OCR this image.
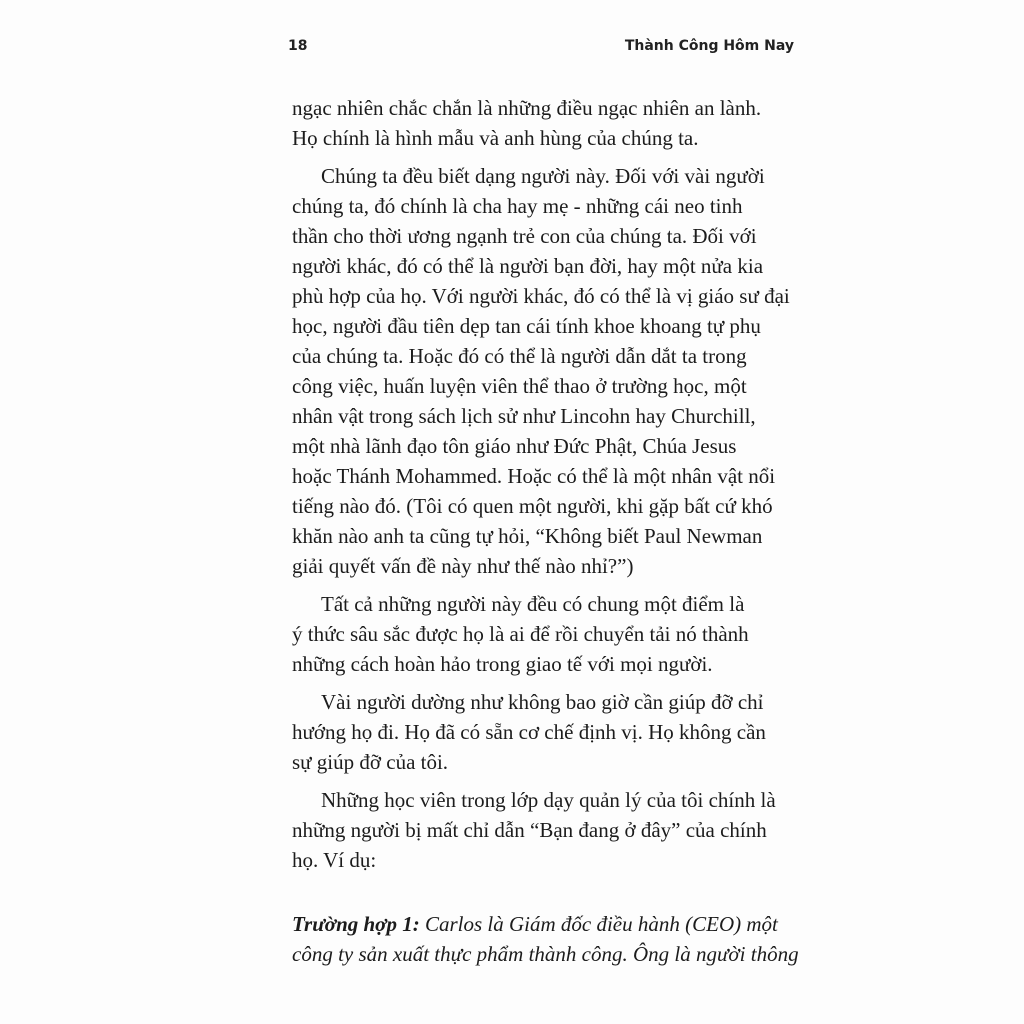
18	Thành Công Hôm Nay
ngạc nhiên chắc chắn là những điều ngạc nhiên an lành.
Họ chính là hình mẫu và anh hùng của chúng ta.
Chúng ta đều biết dạng người này. Đối với vài người
chúng ta, đó chính là cha hay mẹ - những cái neo tinh
thần cho thời ương ngạnh trẻ con của chúng ta. Đối với
người khác, đó có thể là người bạn đời, hay một nửa kia
phù hợp của họ. Với người khác, đó có thể là vị giáo sư đại
học, người đầu tiên dẹp tan cái tính khoe khoang tự phụ
của chúng ta. Hoặc đó có thể là người dẫn dắt ta trong
công việc, huấn luyện viên thể thao ở trường học, một
nhân vật trong sách lịch sử như Lincohn hay Churchill,
một nhà lãnh đạo tôn giáo như Đức Phật, Chúa Jesus
hoặc Thánh Mohammed. Hoặc có thể là một nhân vật nổi
tiếng nào đó. (Tôi có quen một người, khi gặp bất cứ khó
khăn nào anh ta cũng tự hỏi, “Không biết Paul Newman
giải quyết vấn đề này như thế nào nhỉ?”)
Tất cả những người này đều có chung một điểm là
ý thức sâu sắc được họ là ai để rồi chuyển tải nó thành
những cách hoàn hảo trong giao tế với mọi người.
Vài người dường như không bao giờ cần giúp đỡ chỉ
hướng họ đi. Họ đã có sẵn cơ chế định vị. Họ không cần
sự giúp đỡ của tôi.
Những học viên trong lớp dạy quản lý của tôi chính là
những người bị mất chỉ dẫn “Bạn đang ở đây” của chính
họ. Ví dụ:
Trường hợp 1: Carlos là Giám đốc điều hành (CEO) một
công ty sản xuất thực phẩm thành công. Ông là người thông
